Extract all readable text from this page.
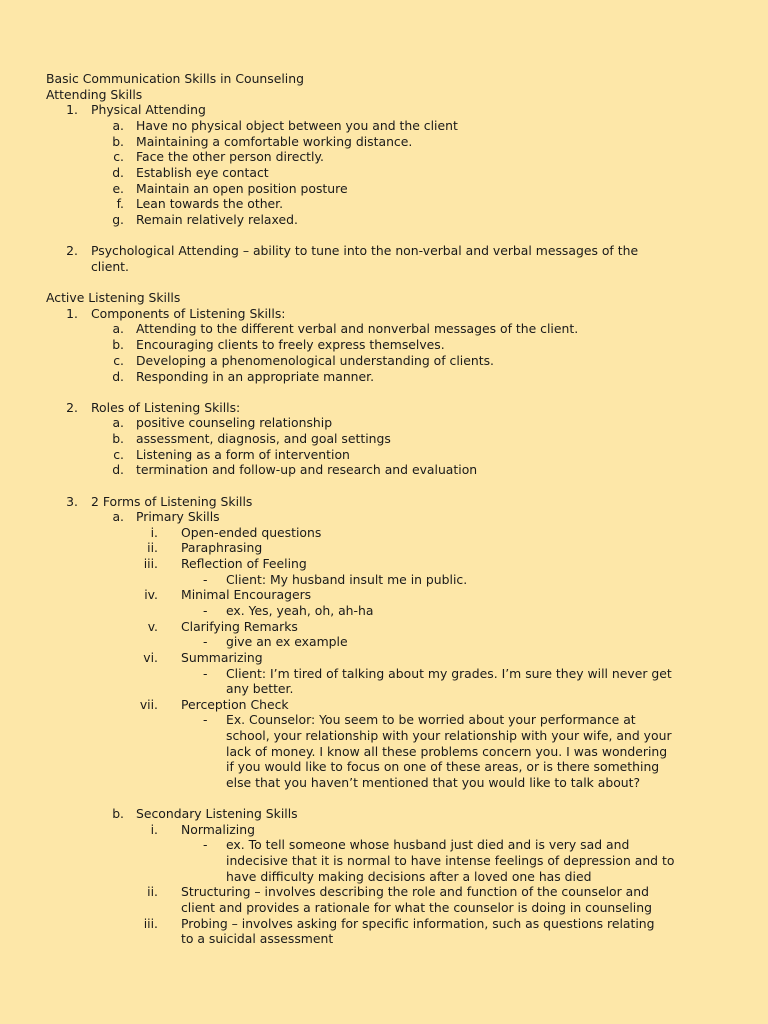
Basic Communication Skills in Counseling
Attending Skills
1. Physical Attending
a. Have no physical object between you and the client
b. Maintaining a comfortable working distance.
c. Face the other person directly.
d. Establish eye contact
e. Maintain an open position posture
f. Lean towards the other.
g. Remain relatively relaxed.
2. Psychological Attending – ability to tune into the non-verbal and verbal messages of the
client.
Active Listening Skills
1. Components of Listening Skills:
a. Attending to the different verbal and nonverbal messages of the client.
b. Encouraging clients to freely express themselves.
c. Developing a phenomenological understanding of clients.
d. Responding in an appropriate manner.
2. Roles of Listening Skills:
a. positive counseling relationship
b. assessment, diagnosis, and goal settings
c. Listening as a form of intervention
d. termination and follow-up and research and evaluation
3. 2 Forms of Listening Skills
a. Primary Skills
i. Open-ended questions
ii. Paraphrasing
iii. Reflection of Feeling
- Client: My husband insult me in public.
iv. Minimal Encouragers
- ex. Yes, yeah, oh, ah-ha
v. Clarifying Remarks
- give an ex example
vi. Summarizing
- Client: I’m tired of talking about my grades. I’m sure they will never get
any better.
vii. Perception Check
- Ex. Counselor: You seem to be worried about your performance at
school, your relationship with your relationship with your wife, and your
lack of money. I know all these problems concern you. I was wondering
if you would like to focus on one of these areas, or is there something
else that you haven’t mentioned that you would like to talk about?
b. Secondary Listening Skills
i. Normalizing
- ex. To tell someone whose husband just died and is very sad and
indecisive that it is normal to have intense feelings of depression and to
have difficulty making decisions after a loved one has died
ii. Structuring – involves describing the role and function of the counselor and
client and provides a rationale for what the counselor is doing in counseling
iii. Probing – involves asking for specific information, such as questions relating
to a suicidal assessment
